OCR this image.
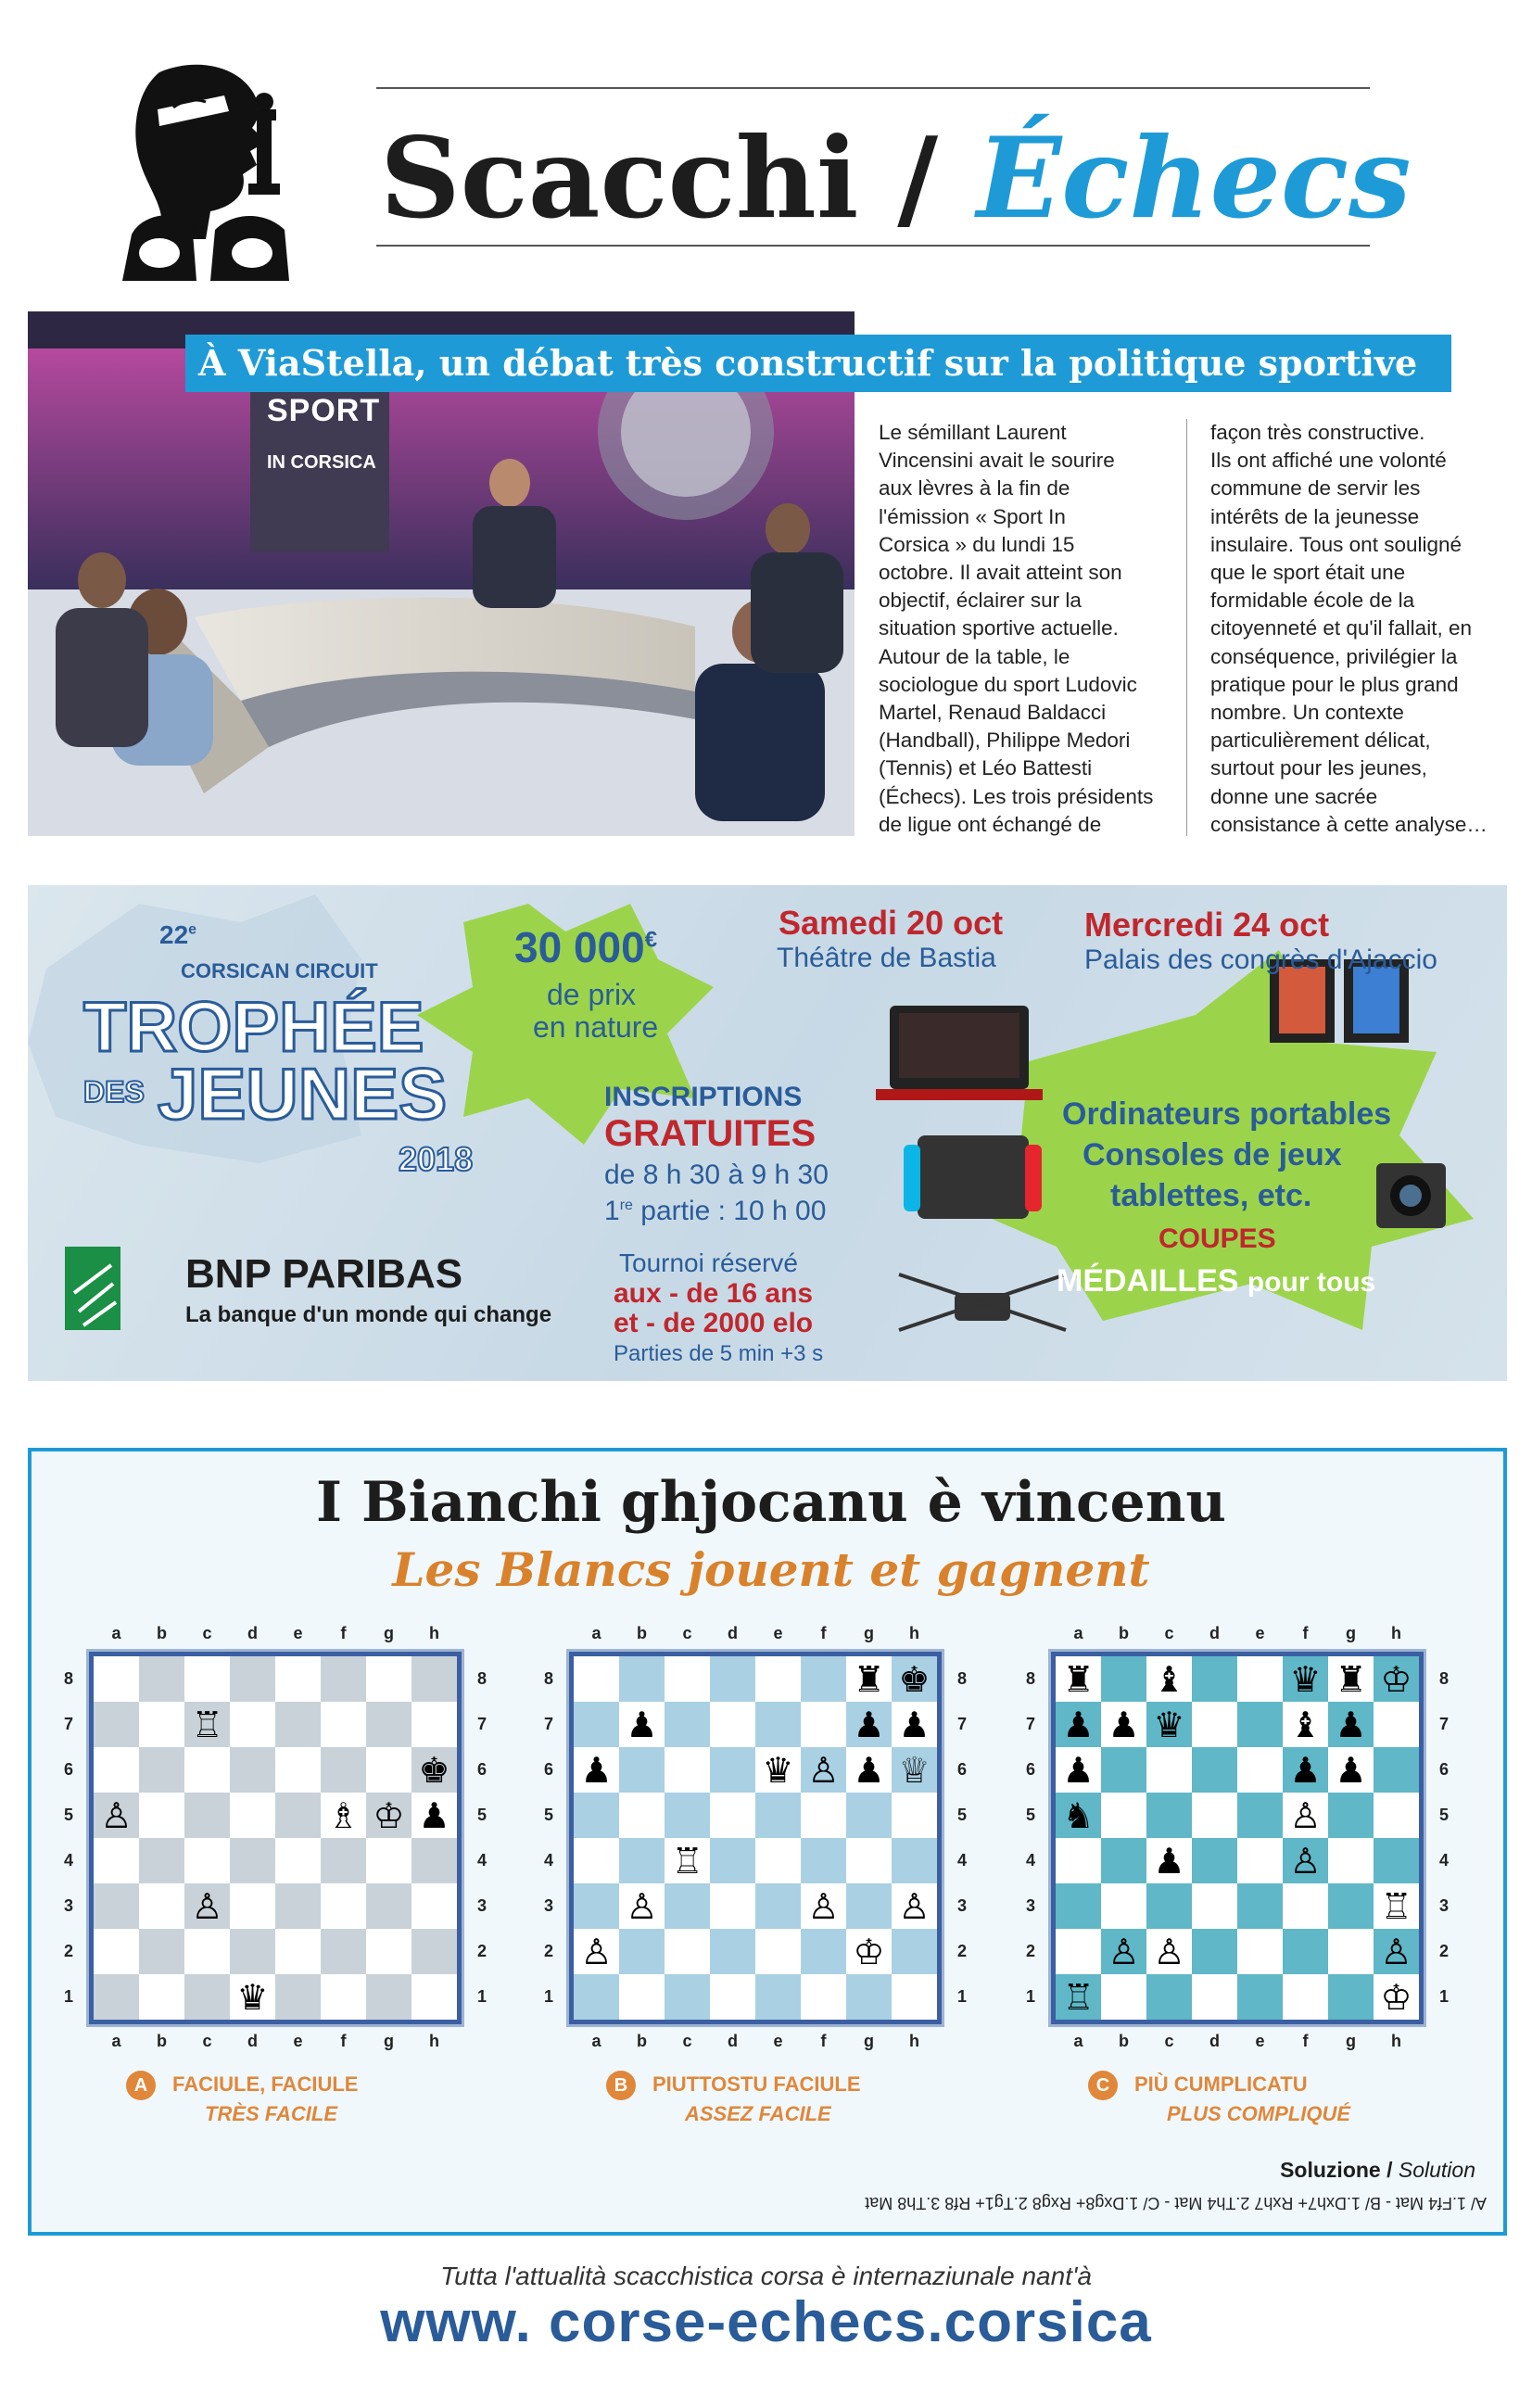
Scacchi / Échecs
SPORT
IN CORSICA
À ViaStella, un débat très constructif sur la politique sportive
Le sémillant Laurent
Vincensini avait le sourire
aux lèvres à la fin de
l'émission « Sport In
Corsica » du lundi 15
octobre. Il avait atteint son
objectif, éclairer sur la
situation sportive actuelle.
Autour de la table, le
sociologue du sport Ludovic
Martel, Renaud Baldacci
(Handball), Philippe Medori
(Tennis) et Léo Battesti
(Échecs). Les trois présidents
de ligue ont échangé de
façon très constructive.
Ils ont affiché une volonté
commune de servir les
intérêts de la jeunesse
insulaire. Tous ont souligné
que le sport était une
formidable école de la
citoyenneté et qu'il fallait, en
conséquence, privilégier la
pratique pour le plus grand
nombre. Un contexte
particulièrement délicat,
surtout pour les jeunes,
donne une sacrée
consistance à cette analyse…
22e
CORSICAN CIRCUIT
TROPHÉE
DES JEUNES
2018
30 000€
de prix
en nature
Samedi 20 oct
Théâtre de Bastia
Mercredi 24 oct
Palais des congrès d'Ajaccio
INSCRIPTIONS
GRATUITES
de 8 h 30 à 9 h 30
1re partie : 10 h 00
Tournoi réservé
aux - de 16 ans
et - de 2000 elo
Parties de 5 min +3 s
Ordinateurs portables
Consoles de jeux
tablettes, etc.
COUPES
MÉDAILLES pour tous
BNP PARIBAS
La banque d'un monde qui change
I Bianchi ghjocanu è vincenu
Les Blancs jouent et gagnent
♖
♚
♙	♗ ♔ ♟
♙
♛
a
a
b
b
c
c
d
d
e
e
f
f
g
g
h
h
8	8
7	7
6	6
5	5
4	4
3	3
2	2
1	1
A	FACIULE, FACIULE
TRÈS FACILE
♜ ♚
♟	♟ ♟
♟	♛ ♙ ♟ ♕
♖
♙	♙ ♙
♙	♔
a
a
b
b
c
c
d
d
e
e
f
f
g
g
h
h
8	8
7	7
6	6
5	5
4	4
3	3
2	2
1	1
B	PIUTTOSTU FACIULE
ASSEZ FACILE
♜ ♝	♛ ♜ ♔
♟ ♟ ♛	♝ ♟
♟	♟ ♟
♞	♙
♟	♙
♖
♙ ♙	♙
♖	♔
a
a
b
b
c
c
d
d
e
e
f
f
g
g
h
h
8	8
7	7
6	6
5	5
4	4
3	3
2	2
1	1
C	PIÙ CUMPLICATU
PLUS COMPLIQUÉ
Soluzione / Solution
A/ 1.Ff4 Mat - B/ 1.Dxh7+ Rxh7 2.Th4 Mat - C/ 1.Dxg8+ Rxg8 2.Tg1+ Rf8 3.Th8 Mat
Tutta l'attualità scacchistica corsa è internaziunale nant'à
www. corse-echecs.corsica
